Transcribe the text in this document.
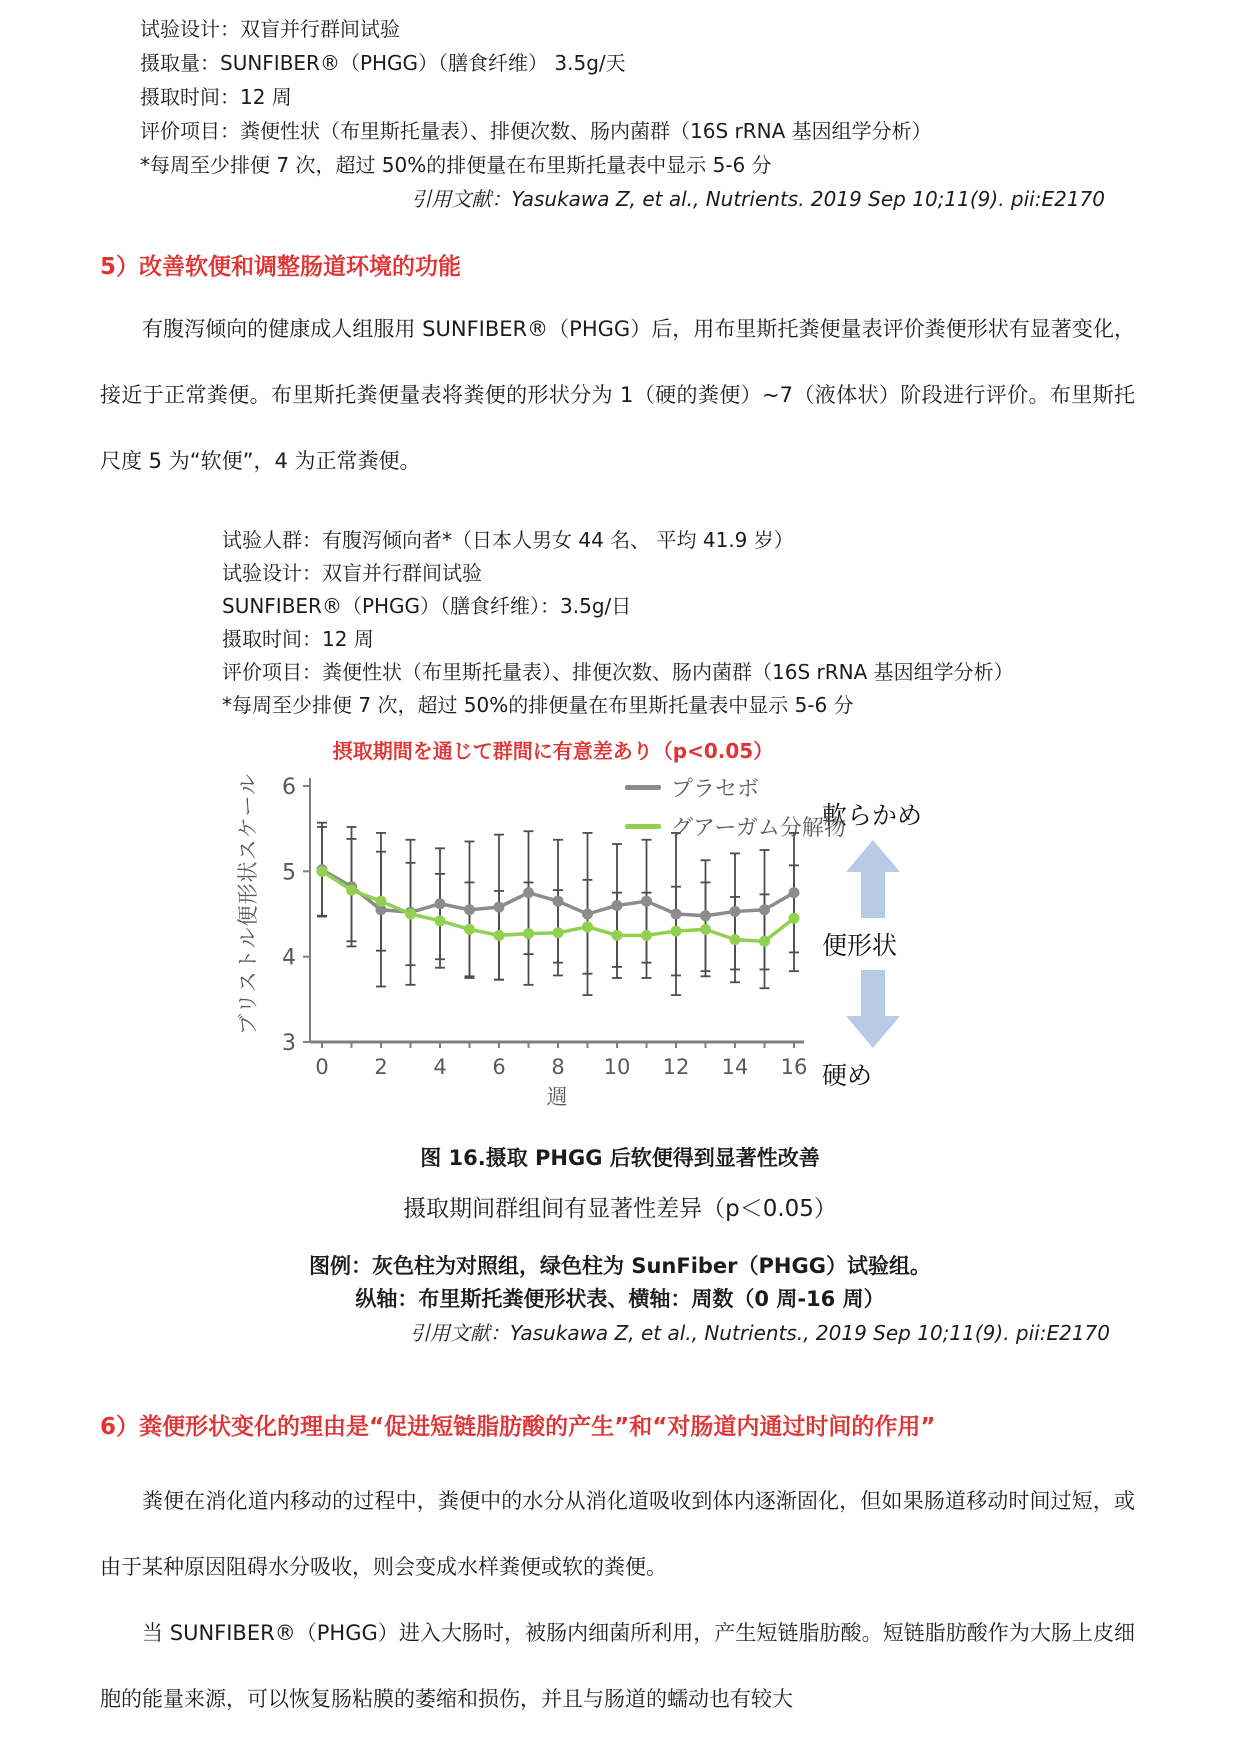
试验设计：双盲并行群间试验
摄取量：SUNFIBER®（PHGG）（膳食纤维） 3.5g/天
摄取时间：12 周
评价项目：粪便性状（布里斯托量表）、排便次数、肠内菌群（16S rRNA 基因组学分析）
*每周至少排便 7 次，超过 50%的排便量在布里斯托量表中显示 5-6 分
引用文献：Yasukawa Z, et al., Nutrients. 2019 Sep 10;11(9). pii:E2170
5）改善软便和调整肠道环境的功能
有腹泻倾向的健康成人组服用 SUNFIBER®（PHGG）后，用布里斯托粪便量表评价粪便形状有显著变化，接近于正常粪便。布里斯托粪便量表将粪便的形状分为 1（硬的粪便）~7（液体状）阶段进行评价。布里斯托尺度 5 为“软便”，4 为正常粪便。
试验人群：有腹泻倾向者*（日本人男女 44 名、 平均 41.9 岁）
试验设计：双盲并行群间试验
SUNFIBER®（PHGG）（膳食纤维）：3.5g/日
摄取时间：12 周
评价项目：粪便性状（布里斯托量表）、排便次数、肠内菌群（16S rRNA 基因组学分析）
*每周至少排便 7 次，超过 50%的排便量在布里斯托量表中显示 5-6 分
摂取期間を通じて群間に有意差あり（p<0.05）
プラセボ
グアーガム分解物
ブリストル便形状スケール
3
4
5
6
0 2 4 6 8 10 12 14 16
週
軟らかめ
便形状
硬め
图 16.摄取 PHGG 后软便得到显著性改善
摄取期间群组间有显著性差异（p＜0.05）
图例：灰色柱为对照组，绿色柱为 SunFiber（PHGG）试验组。
纵轴：布里斯托粪便形状表、横轴：周数（0 周-16 周）
引用文献：Yasukawa Z, et al., Nutrients., 2019 Sep 10;11(9). pii:E2170
6）粪便形状变化的理由是“促进短链脂肪酸的产生”和“对肠道内通过时间的作用”

粪便在消化道内移动的过程中，粪便中的水分从消化道吸收到体内逐渐固化，但如果肠道移动时间过短，或由于某种原因阻碍水分吸收，则会变成水样粪便或软的粪便。

当 SUNFIBER®（PHGG）进入大肠时，被肠内细菌所利用，产生短链脂肪酸。短链脂肪酸作为大肠上皮细胞的能量来源，可以恢复肠粘膜的萎缩和损伤，并且与肠道的蠕动也有较大
